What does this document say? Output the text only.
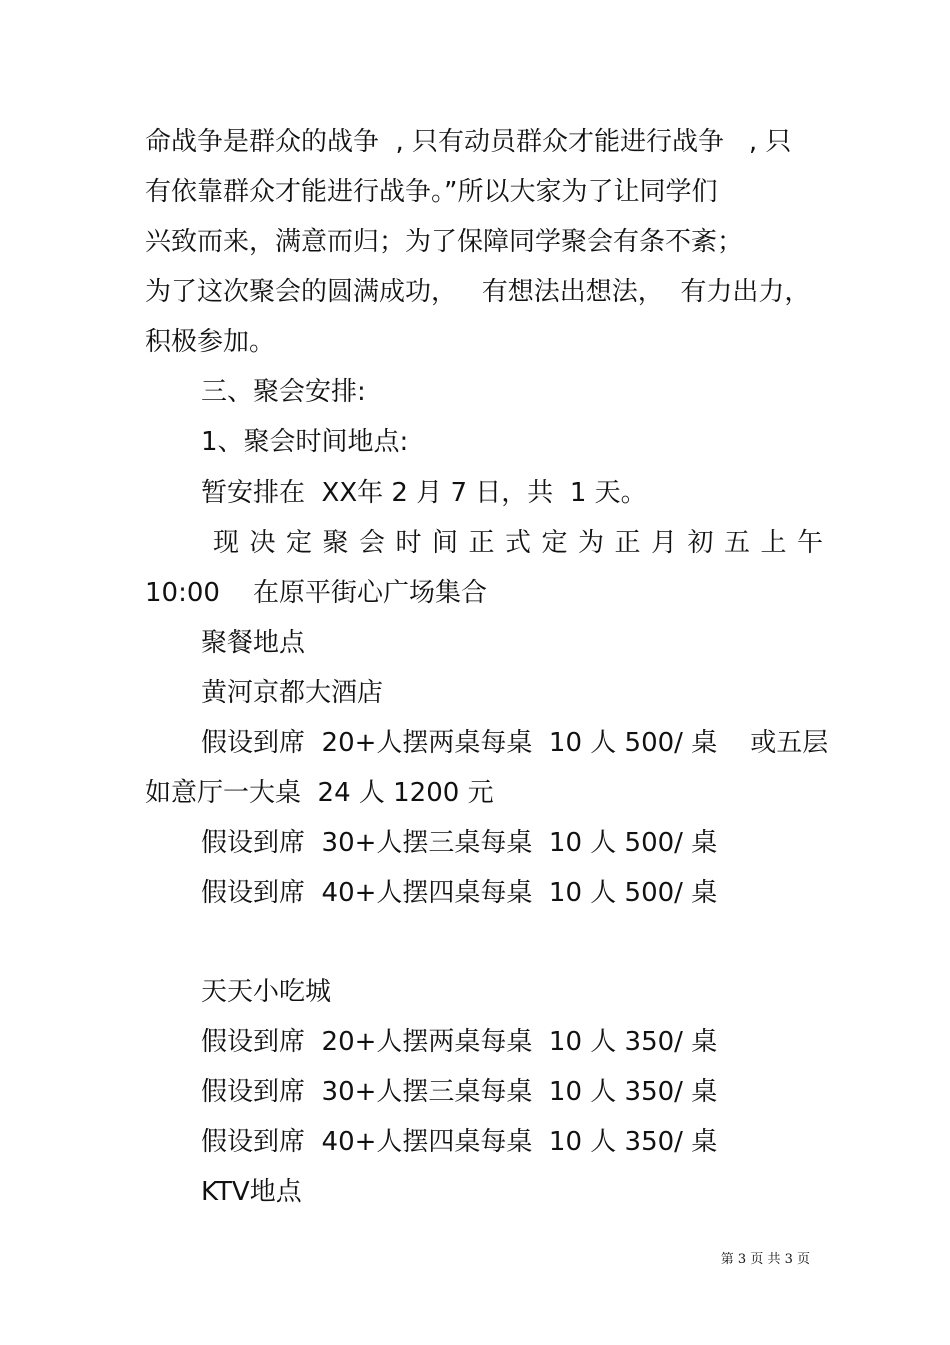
命战争是群众的战争  , 只有动员群众才能进行战争   , 只
有依靠群众才能进行战争。”所以大家为了让同学们
兴致而来，满意而归；为了保障同学聚会有条不紊；
为了这次聚会的圆满成功，   有想法出想法，  有力出力，
积极参加。
三、聚会安排:
1、聚会时间地点:
暂安排在  XX年 2 月 7 日，共  1 天。
现决定聚会时间正式定为正月初五上午
10:00    在原平街心广场集合
聚餐地点
黄河京都大酒店
假设到席  20+人摆两桌每桌  10 人 500/ 桌    或五层
如意厅一大桌  24 人 1200 元
假设到席  30+人摆三桌每桌  10 人 500/ 桌
假设到席  40+人摆四桌每桌  10 人 500/ 桌
天天小吃城
假设到席  20+人摆两桌每桌  10 人 350/ 桌
假设到席  30+人摆三桌每桌  10 人 350/ 桌
假设到席  40+人摆四桌每桌  10 人 350/ 桌
KTV地点
第 3 页 共 3 页
